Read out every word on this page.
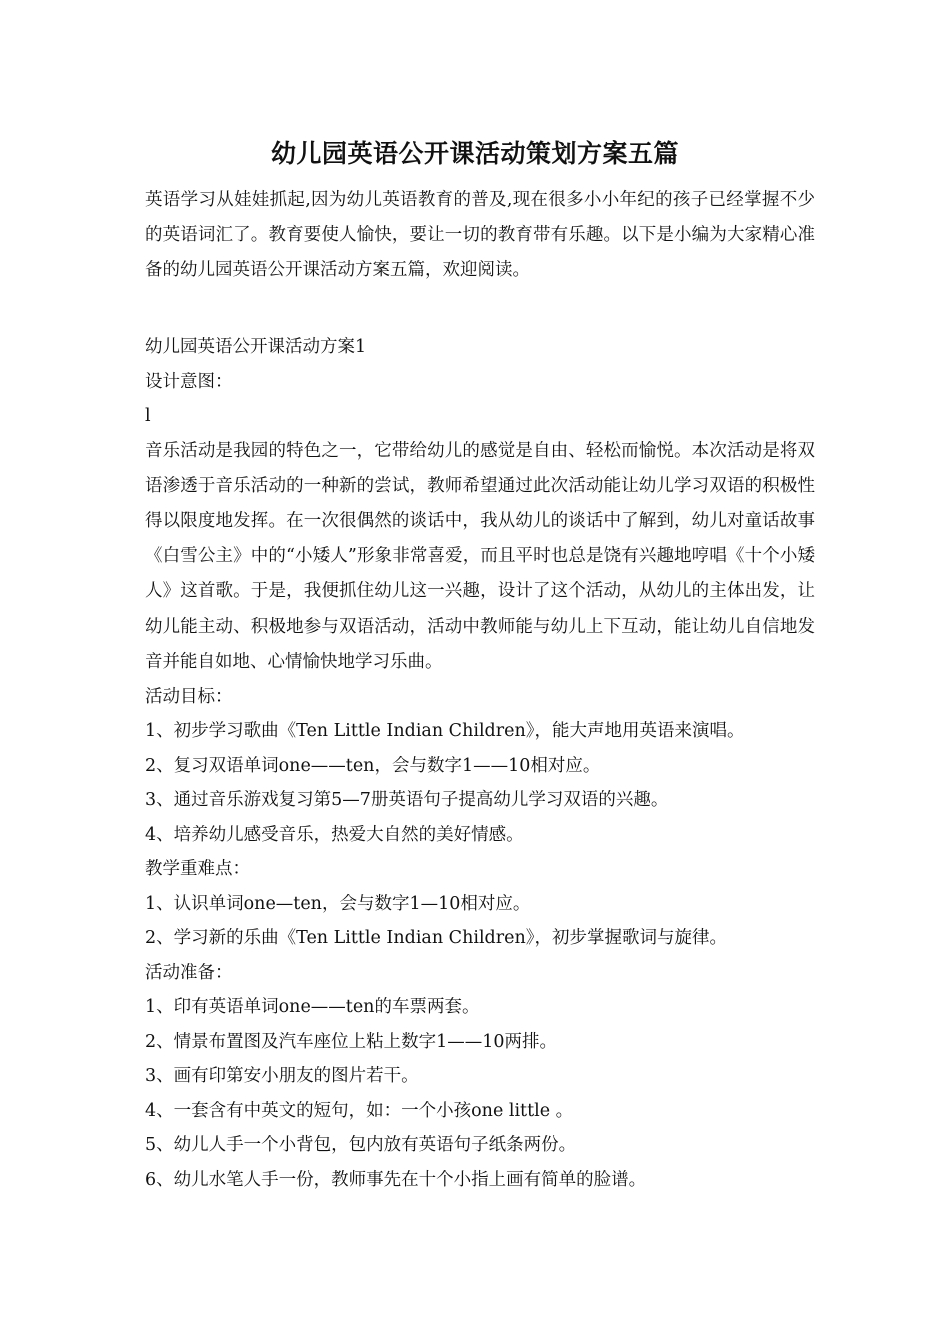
幼儿园英语公开课活动策划方案五篇
英语学习从娃娃抓起,因为幼儿英语教育的普及,现在很多小小年纪的孩子已经掌握不少的英语词汇了。教育要使人愉快，要让一切的教育带有乐趣。以下是小编为大家精心准备的幼儿园英语公开课活动方案五篇，欢迎阅读。
幼儿园英语公开课活动方案1
设计意图：
l
音乐活动是我园的特色之一，它带给幼儿的感觉是自由、轻松而愉悦。本次活动是将双语渗透于音乐活动的一种新的尝试，教师希望通过此次活动能让幼儿学习双语的积极性得以限度地发挥。在一次很偶然的谈话中，我从幼儿的谈话中了解到，幼儿对童话故事《白雪公主》中的“小矮人”形象非常喜爱，而且平时也总是饶有兴趣地哼唱《十个小矮人》这首歌。于是，我便抓住幼儿这一兴趣，设计了这个活动，从幼儿的主体出发，让幼儿能主动、积极地参与双语活动，活动中教师能与幼儿上下互动，能让幼儿自信地发音并能自如地、心情愉快地学习乐曲。
活动目标：
1、初步学习歌曲《Ten Little Indian Children》，能大声地用英语来演唱。
2、复习双语单词one——ten，会与数字1——10相对应。
3、通过音乐游戏复习第5—7册英语句子提高幼儿学习双语的兴趣。
4、培养幼儿感受音乐，热爱大自然的美好情感。
教学重难点：
1、认识单词one—ten，会与数字1—10相对应。
2、学习新的乐曲《Ten Little Indian Children》，初步掌握歌词与旋律。
活动准备：
1、印有英语单词one——ten的车票两套。
2、情景布置图及汽车座位上粘上数字1——10两排。
3、画有印第安小朋友的图片若干。
4、一套含有中英文的短句，如：一个小孩one little 。
5、幼儿人手一个小背包，包内放有英语句子纸条两份。
6、幼儿水笔人手一份，教师事先在十个小指上画有简单的脸谱。
